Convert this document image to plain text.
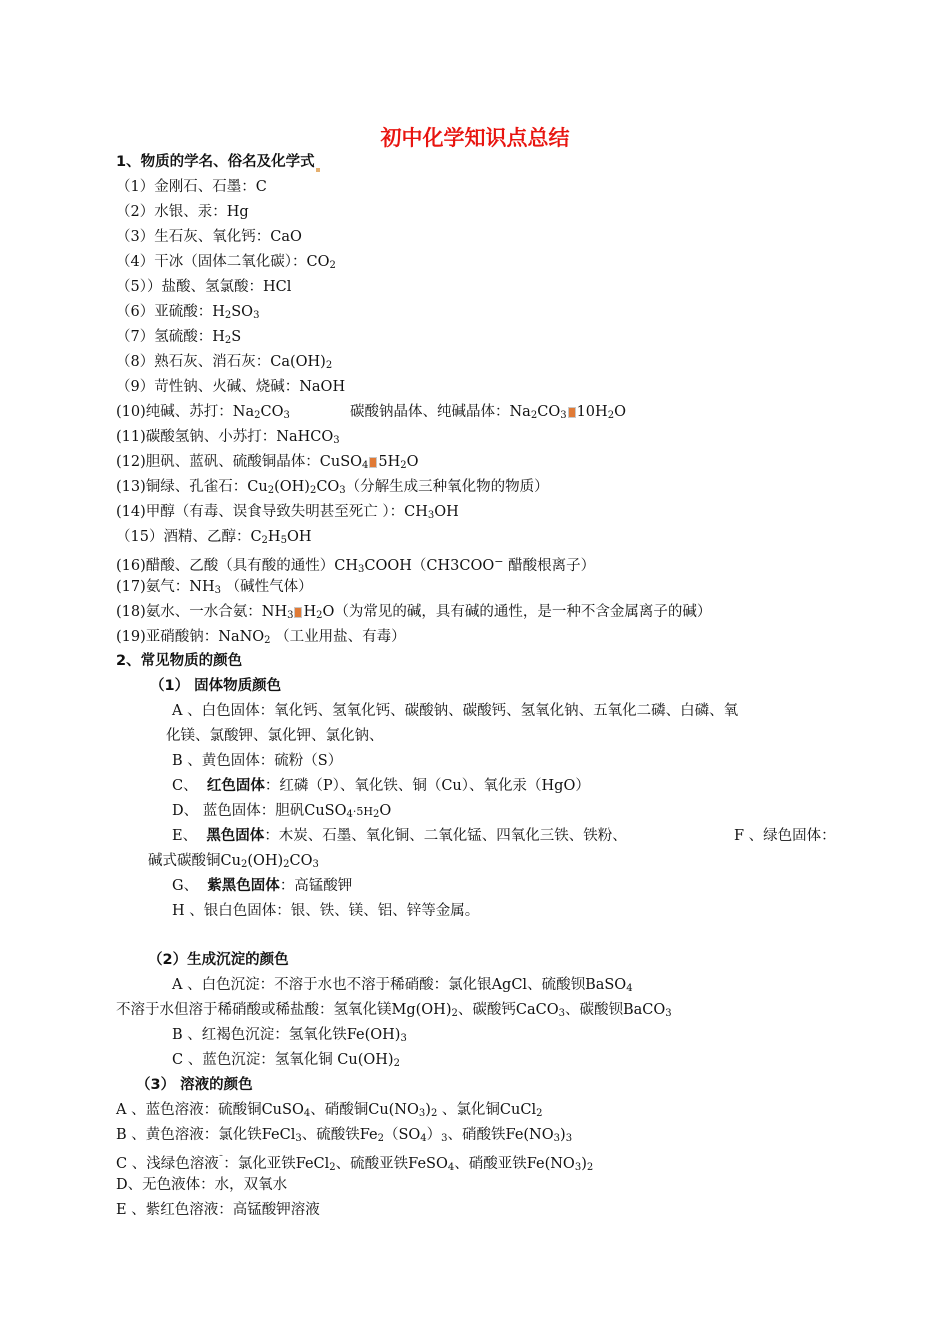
初中化学知识点总结
1、物质的学名、俗名及化学式
（1）金刚石、石墨：C
（2）水银、汞：Hg
（3）生石灰、氧化钙：CaO
（4）干冰（固体二氧化碳）：$CO_2$
（5））盐酸、氢氯酸：HCl
（6）亚硫酸：$H_2SO_3$
（7）氢硫酸：$H_2S$
（8）熟石灰、消石灰：$Ca(OH)_2$
（9）苛性钠、火碱、烧碱：NaOH
(10)纯碱、苏打：$Na_2CO_3$	碳酸钠晶体、纯碱晶体：$Na_2CO_3$ $10H_2O$
(11)碳酸氢钠、小苏打：NaHCO$_3$
(12)胆矾、蓝矾、硫酸铜晶体：CuSO$_4$ $5H_2O$
(13)铜绿、孔雀石：$Cu_2(OH)_2CO_3$（分解生成三种氧化物的物质）
(14)甲醇（有毒、误食导致失明甚至死亡 ）：$CH_3OH$
（15）酒精、乙醇：$C_2H_5OH$
(16)醋酸、乙酸（具有酸的通性）$CH_3COOH(CH3COO^-$ 醋酸根离子）
(17)氨气：$NH_3$ （碱性气体）
(18)氨水、一水合氨：$NH_3$ $H_2O$（为常见的碱，具有碱的通性，是一种不含金属离子的碱）
(19)亚硝酸钠：NaNO$_2$ （工业用盐、有毒）
2、常见物质的颜色
（1） 固体物质颜色
A 、白色固体：氧化钙、氢氧化钙、碳酸钠、碳酸钙、氢氧化钠、五氧化二磷、白磷、氧
化镁、氯酸钾、氯化钾、氯化钠、
B 、黄色固体：硫粉（S）
C、 红色固体：红磷（P）、氧化铁、铜（Cu）、氧化汞（HgO）
D、 蓝色固体：胆矾$CuSO_4\cdot 5H_2O$
E、 黑色固体：木炭、石墨、氧化铜、二氧化锰、四氧化三铁、铁粉、	F 、绿色固体：
碱式碳酸铜$Cu_2(OH)_2CO_3$
G、 紫黑色固体：高锰酸钾
H 、银白色固体：银、铁、镁、铝、锌等金属。
（2）生成沉淀的颜色
A 、白色沉淀：不溶于水也不溶于稀硝酸：氯化银AgCl、硫酸钡BaSO$_4$
不溶于水但溶于稀硝酸或稀盐酸：氢氧化镁$Mg(OH)_2$、碳酸钙CaCO$_3$、碳酸钡BaCO$_3$
B 、红褐色沉淀：氢氧化铁$Fe(OH)_3$
C 、蓝色沉淀：氢氧化铜 $Cu(OH)_2$
（3） 溶液的颜色
A 、蓝色溶液：硫酸铜CuSO$_4$、硝酸铜$Cu(NO_3)_2$ 、氯化铜CuCl$_2$
B 、黄色溶液：氯化铁FeCl$_3$、硫酸铁$Fe_2(SO_4)_3$、硝酸铁$Fe(NO_3)_3$
C 、浅绿色溶液¨：氯化亚铁FeCl$_2$、硫酸亚铁FeSO$_4$、硝酸亚铁$Fe(NO_3)_2$
D、无色液体：水，双氧水
E 、紫红色溶液：高锰酸钾溶液
